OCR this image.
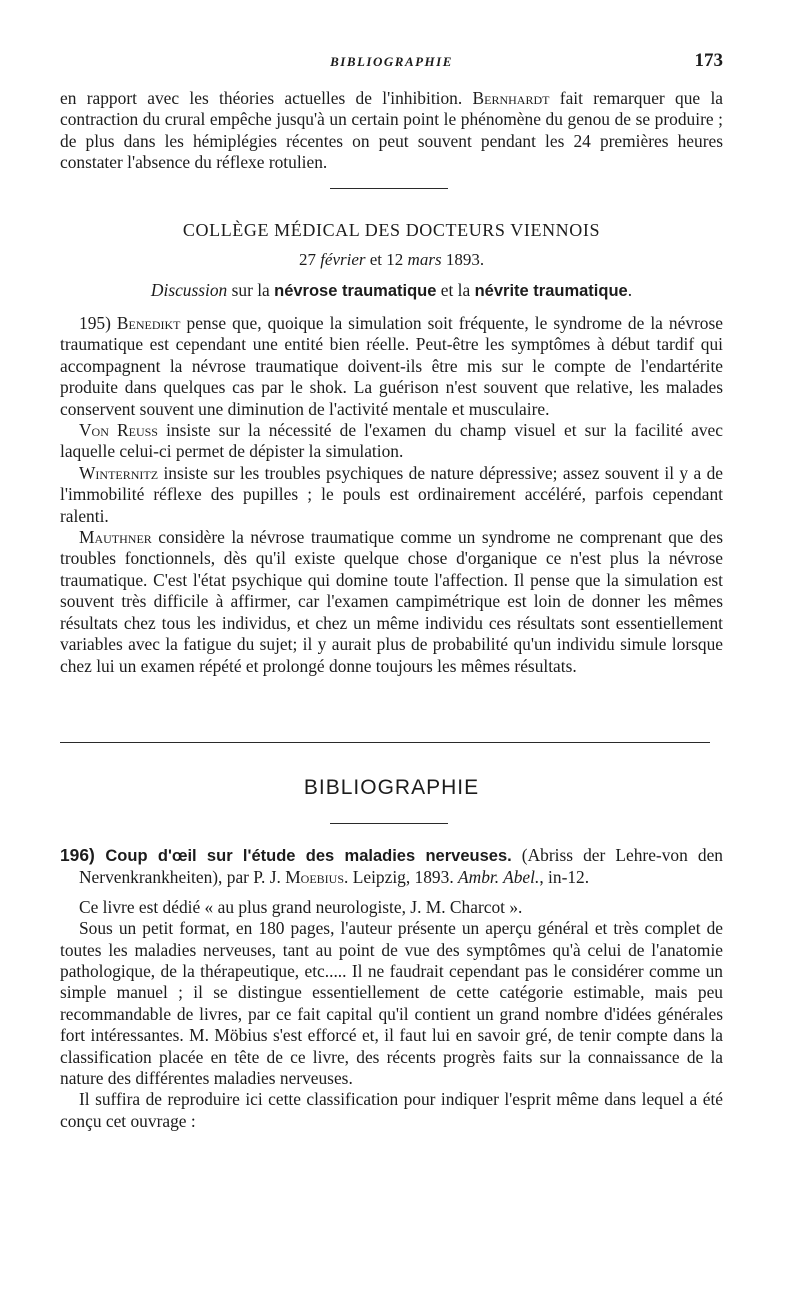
BIBLIOGRAPHIE	173

en rapport avec les théories actuelles de l'inhibition. Bernhardt fait remarquer que la contraction du crural empêche jusqu'à un certain point le phénomène du genou de se produire ; de plus dans les hémiplégies récentes on peut souvent pendant les 24 premières heures constater l'absence du réflexe rotulien.

COLLÈGE MÉDICAL DES DOCTEURS VIENNOIS
27 février et 12 mars 1893.
Discussion sur la névrose traumatique et la névrite traumatique.

195) Benedikt pense que, quoique la simulation soit fréquente, le syndrome de la névrose traumatique est cependant une entité bien réelle. Peut-être les symptômes à début tardif qui accompagnent la névrose traumatique doivent-ils être mis sur le compte de l'endartérite produite dans quelques cas par le shok. La guérison n'est souvent que relative, les malades conservent souvent une diminution de l'activité mentale et musculaire.

Von Reuss insiste sur la nécessité de l'examen du champ visuel et sur la facilité avec laquelle celui-ci permet de dépister la simulation.

Winternitz insiste sur les troubles psychiques de nature dépressive; assez souvent il y a de l'immobilité réflexe des pupilles ; le pouls est ordinairement accéléré, parfois cependant ralenti.

Mauthner considère la névrose traumatique comme un syndrome ne comprenant que des troubles fonctionnels, dès qu'il existe quelque chose d'organique ce n'est plus la névrose traumatique. C'est l'état psychique qui domine toute l'affection. Il pense que la simulation est souvent très difficile à affirmer, car l'examen campimétrique est loin de donner les mêmes résultats chez tous les individus, et chez un même individu ces résultats sont essentiellement variables avec la fatigue du sujet; il y aurait plus de probabilité qu'un individu simule lorsque chez lui un examen répété et prolongé donne toujours les mêmes résultats.

BIBLIOGRAPHIE

196) Coup d'œil sur l'étude des maladies nerveuses. (Abriss der Lehre-von den Nervenkrankheiten), par P. J. Moebius. Leipzig, 1893. Ambr. Abel., in-12.

Ce livre est dédié « au plus grand neurologiste, J. M. Charcot ».

Sous un petit format, en 180 pages, l'auteur présente un aperçu général et très complet de toutes les maladies nerveuses, tant au point de vue des symptômes qu'à celui de l'anatomie pathologique, de la thérapeutique, etc..... Il ne faudrait cependant pas le considérer comme un simple manuel ; il se distingue essentiellement de cette catégorie estimable, mais peu recommandable de livres, par ce fait capital qu'il contient un grand nombre d'idées générales fort intéressantes. M. Möbius s'est efforcé et, il faut lui en savoir gré, de tenir compte dans la classification placée en tête de ce livre, des récents progrès faits sur la connaissance de la nature des différentes maladies nerveuses.

Il suffira de reproduire ici cette classification pour indiquer l'esprit même dans lequel a été conçu cet ouvrage :
